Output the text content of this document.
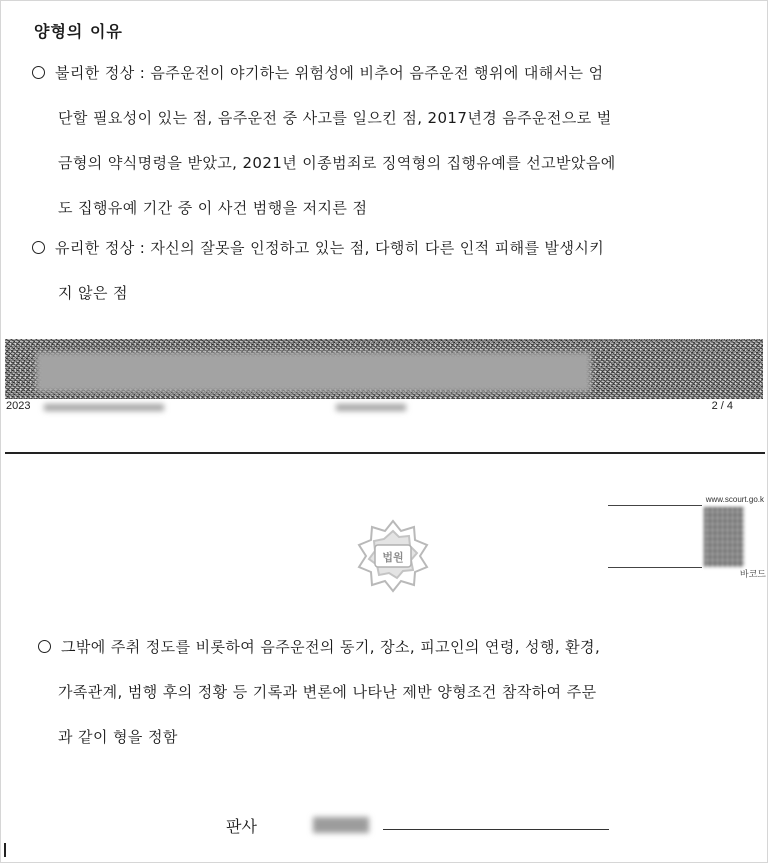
양형의 이유
불리한 정상 : 음주운전이 야기하는 위험성에 비추어 음주운전 행위에 대해서는 엄
단할 필요성이 있는 점, 음주운전 중 사고를 일으킨 점, 2017년경 음주운전으로 벌
금형의 약식명령을 받았고, 2021년 이종범죄로 징역형의 집행유예를 선고받았음에
도 집행유예 기간 중 이 사건 범행을 저지른 점
유리한 정상 : 자신의 잘못을 인정하고 있는 점, 다행히 다른 인적 피해를 발생시키
지 않은 점
2023	2 / 4
법원
www.scourt.go.k
바코드
그밖에 주취 정도를 비롯하여 음주운전의 동기, 장소, 피고인의 연령, 성행, 환경,
가족관계, 범행 후의 정황 등 기록과 변론에 나타난 제반 양형조건 참작하여 주문
과 같이 형을 정함
판사
